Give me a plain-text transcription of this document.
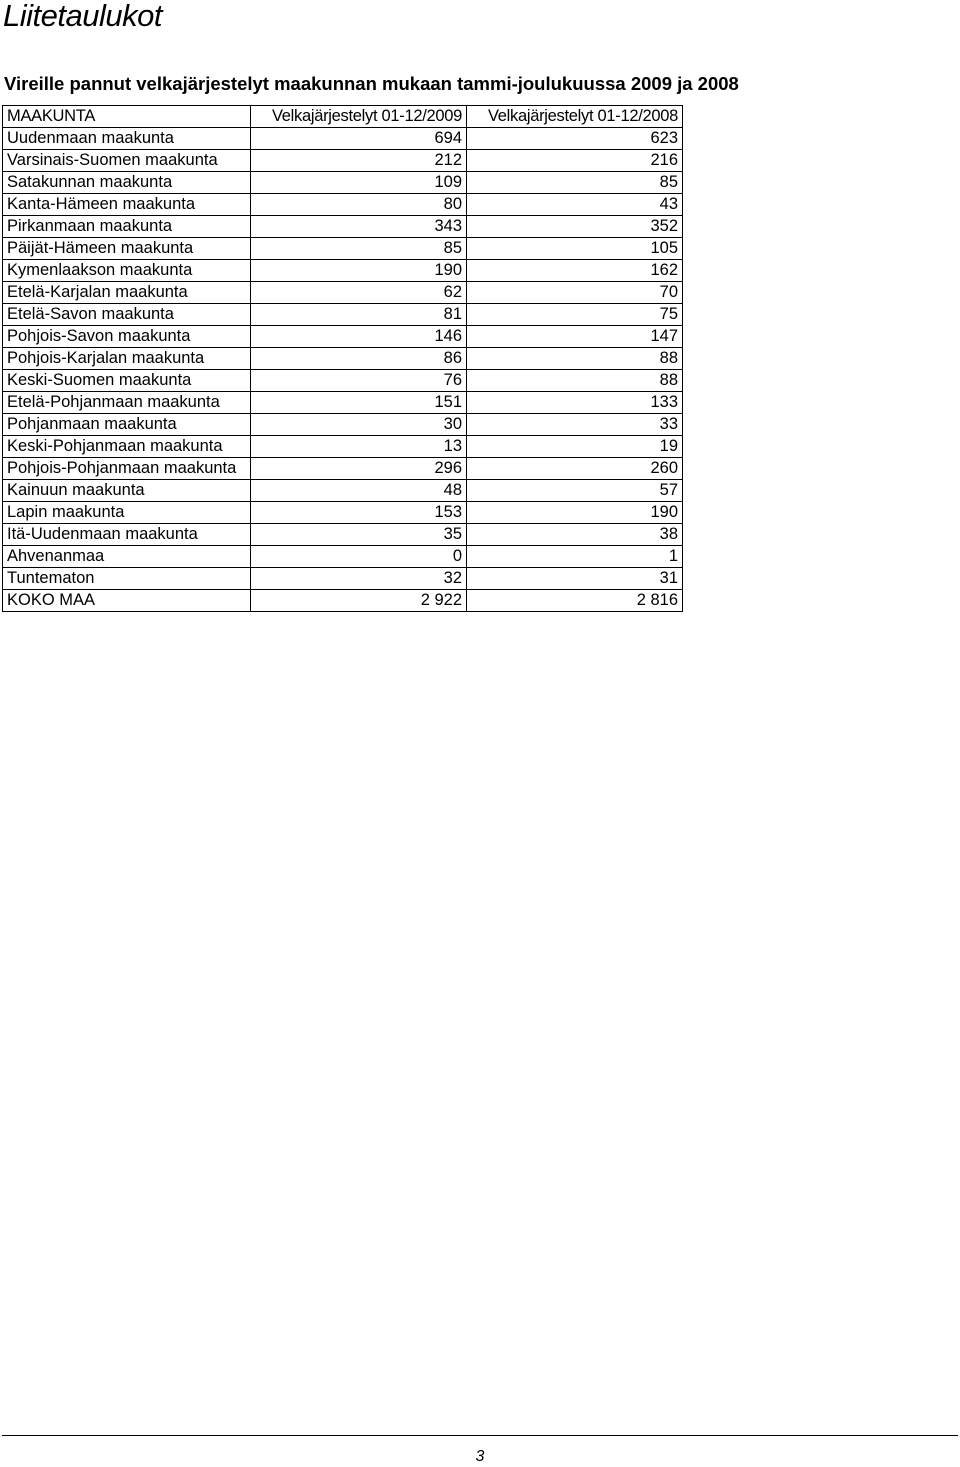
Liitetaulukot
Vireille pannut velkajärjestelyt maakunnan mukaan tammi-joulukuussa 2009 ja 2008
MAAKUNTA	Velkajärjestelyt 01-12/2009	Velkajärjestelyt 01-12/2008
Uudenmaan maakunta	694	623
Varsinais-Suomen maakunta	212	216
Satakunnan maakunta	109	85
Kanta-Hämeen maakunta	80	43
Pirkanmaan maakunta	343	352
Päijät-Hämeen maakunta	85	105
Kymenlaakson maakunta	190	162
Etelä-Karjalan maakunta	62	70
Etelä-Savon maakunta	81	75
Pohjois-Savon maakunta	146	147
Pohjois-Karjalan maakunta	86	88
Keski-Suomen maakunta	76	88
Etelä-Pohjanmaan maakunta	151	133
Pohjanmaan maakunta	30	33
Keski-Pohjanmaan maakunta	13	19
Pohjois-Pohjanmaan maakunta	296	260
Kainuun maakunta	48	57
Lapin maakunta	153	190
Itä-Uudenmaan maakunta	35	38
Ahvenanmaa	0	1
Tuntematon	32	31
KOKO MAA	2 922	2 816
3
